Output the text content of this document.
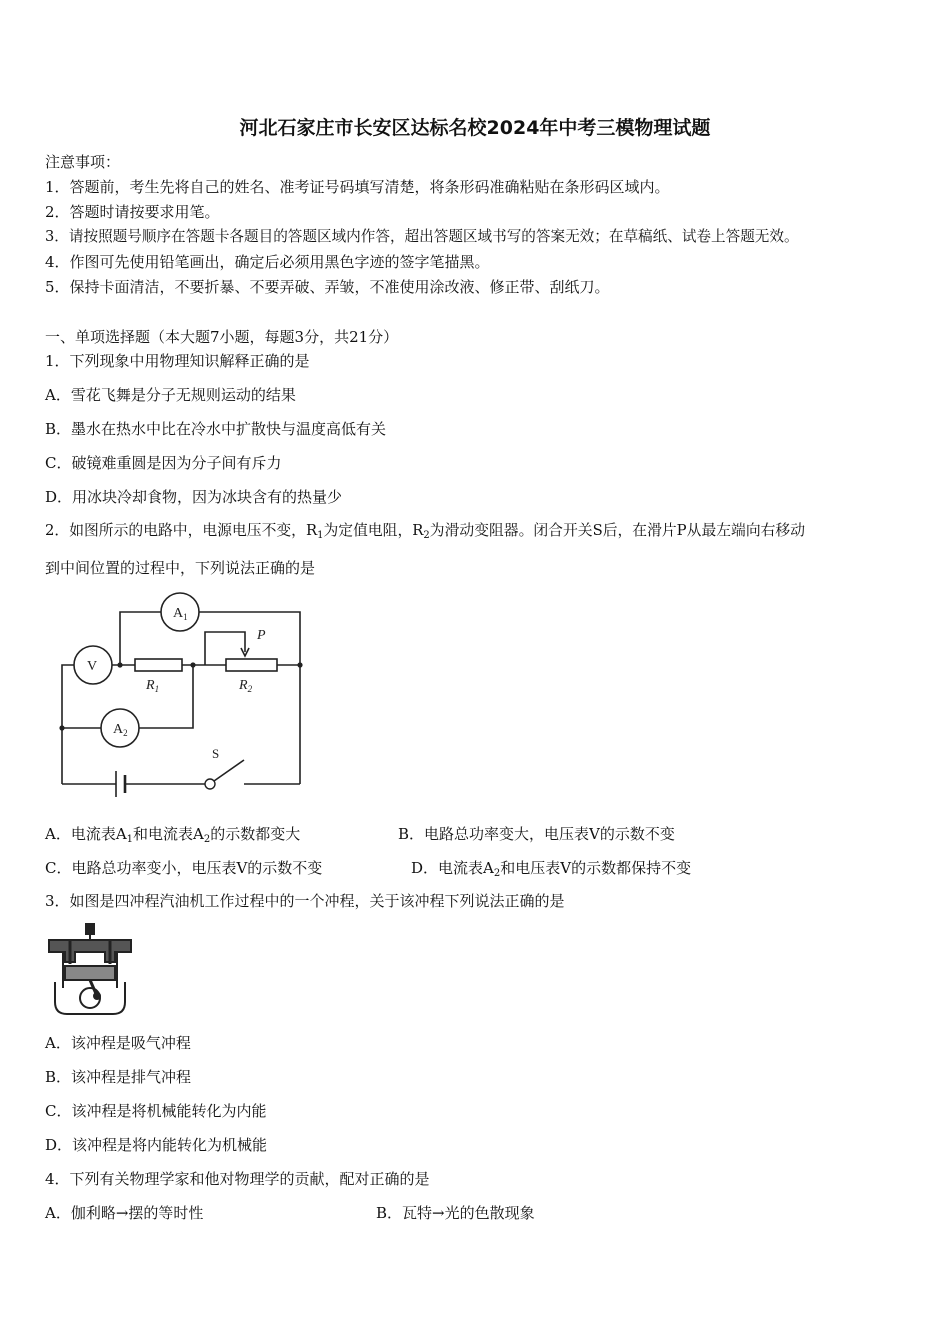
河北石家庄市长安区达标名校2024年中考三模物理试题
注意事项：
1．答题前，考生先将自己的姓名、准考证号码填写清楚，将条形码准确粘贴在条形码区域内。
2．答题时请按要求用笔。
3．请按照题号顺序在答题卡各题目的答题区域内作答，超出答题区域书写的答案无效；在草稿纸、试卷上答题无效。
4．作图可先使用铅笔画出，确定后必须用黑色字迹的签字笔描黑。
5．保持卡面清洁，不要折暴、不要弄破、弄皱，不准使用涂改液、修正带、刮纸刀。
一、单项选择题（本大题7小题，每题3分，共21分）
1．下列现象中用物理知识解释正确的是
A．雪花飞舞是分子无规则运动的结果
B．墨水在热水中比在冷水中扩散快与温度高低有关
C．破镜难重圆是因为分子间有斥力
D．用冰块冷却食物，因为冰块含有的热量少
2．如图所示的电路中，电源电压不变，$R_1$为定值电阻，$R_2$为滑动变阻器。闭合开关S后，在滑片P从最左端向右移动
到中间位置的过程中，下列说法正确的是
$A_1$
V
$A_2$
$R_1$	$R_2$
P
S
A．电流表$A_1$和电流表$A_2$的示数都变大	B．电路总功率变大，电压表V的示数不变
C．电路总功率变小，电压表V的示数不变	D．电流表$A_2$和电压表V的示数都保持不变
3．如图是四冲程汽油机工作过程中的一个冲程，关于该冲程下列说法正确的是
A．该冲程是吸气冲程
B．该冲程是排气冲程
C．该冲程是将机械能转化为内能
D．该冲程是将内能转化为机械能
4．下列有关物理学家和他对物理学的贡献，配对正确的是
A．伽利略→摆的等时性	B．瓦特→光的色散现象
